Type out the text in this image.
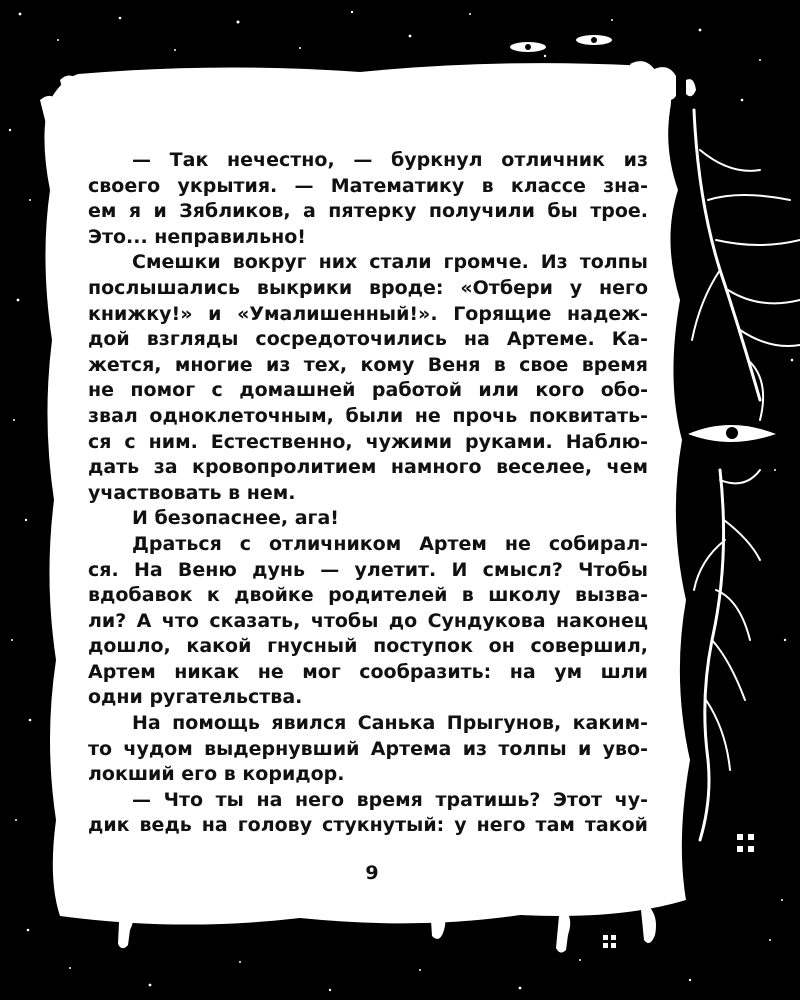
— Так нечестно, — буркнул отличник из

своего укрытия. — Математику в классе зна-

ем я и Зябликов, а пятерку получили бы трое.

Это... неправильно!

Смешки вокруг них стали громче. Из толпы

послышались выкрики вроде: «Отбери у него

книжку!» и «Умалишенный!». Горящие надеж-

дой взгляды сосредоточились на Артеме. Ка-

жется, многие из тех, кому Веня в свое время

не помог с домашней работой или кого обо-

звал одноклеточным, были не прочь поквитать-

ся с ним. Естественно, чужими руками. Наблю-

дать за кровопролитием намного веселее, чем

участвовать в нем.

И безопаснее, ага!

Драться с отличником Артем не собирал-

ся. На Веню дунь — улетит. И смысл? Чтобы

вдобавок к двойке родителей в школу вызва-

ли? А что сказать, чтобы до Сундукова наконец

дошло, какой гнусный поступок он совершил,

Артем никак не мог сообразить: на ум шли

одни ругательства.

На помощь явился Санька Прыгунов, каким-

то чудом выдернувший Артема из толпы и уво-

локший его в коридор.

— Что ты на него время тратишь? Этот чу-

дик ведь на голову стукнутый: у него там такой

9
